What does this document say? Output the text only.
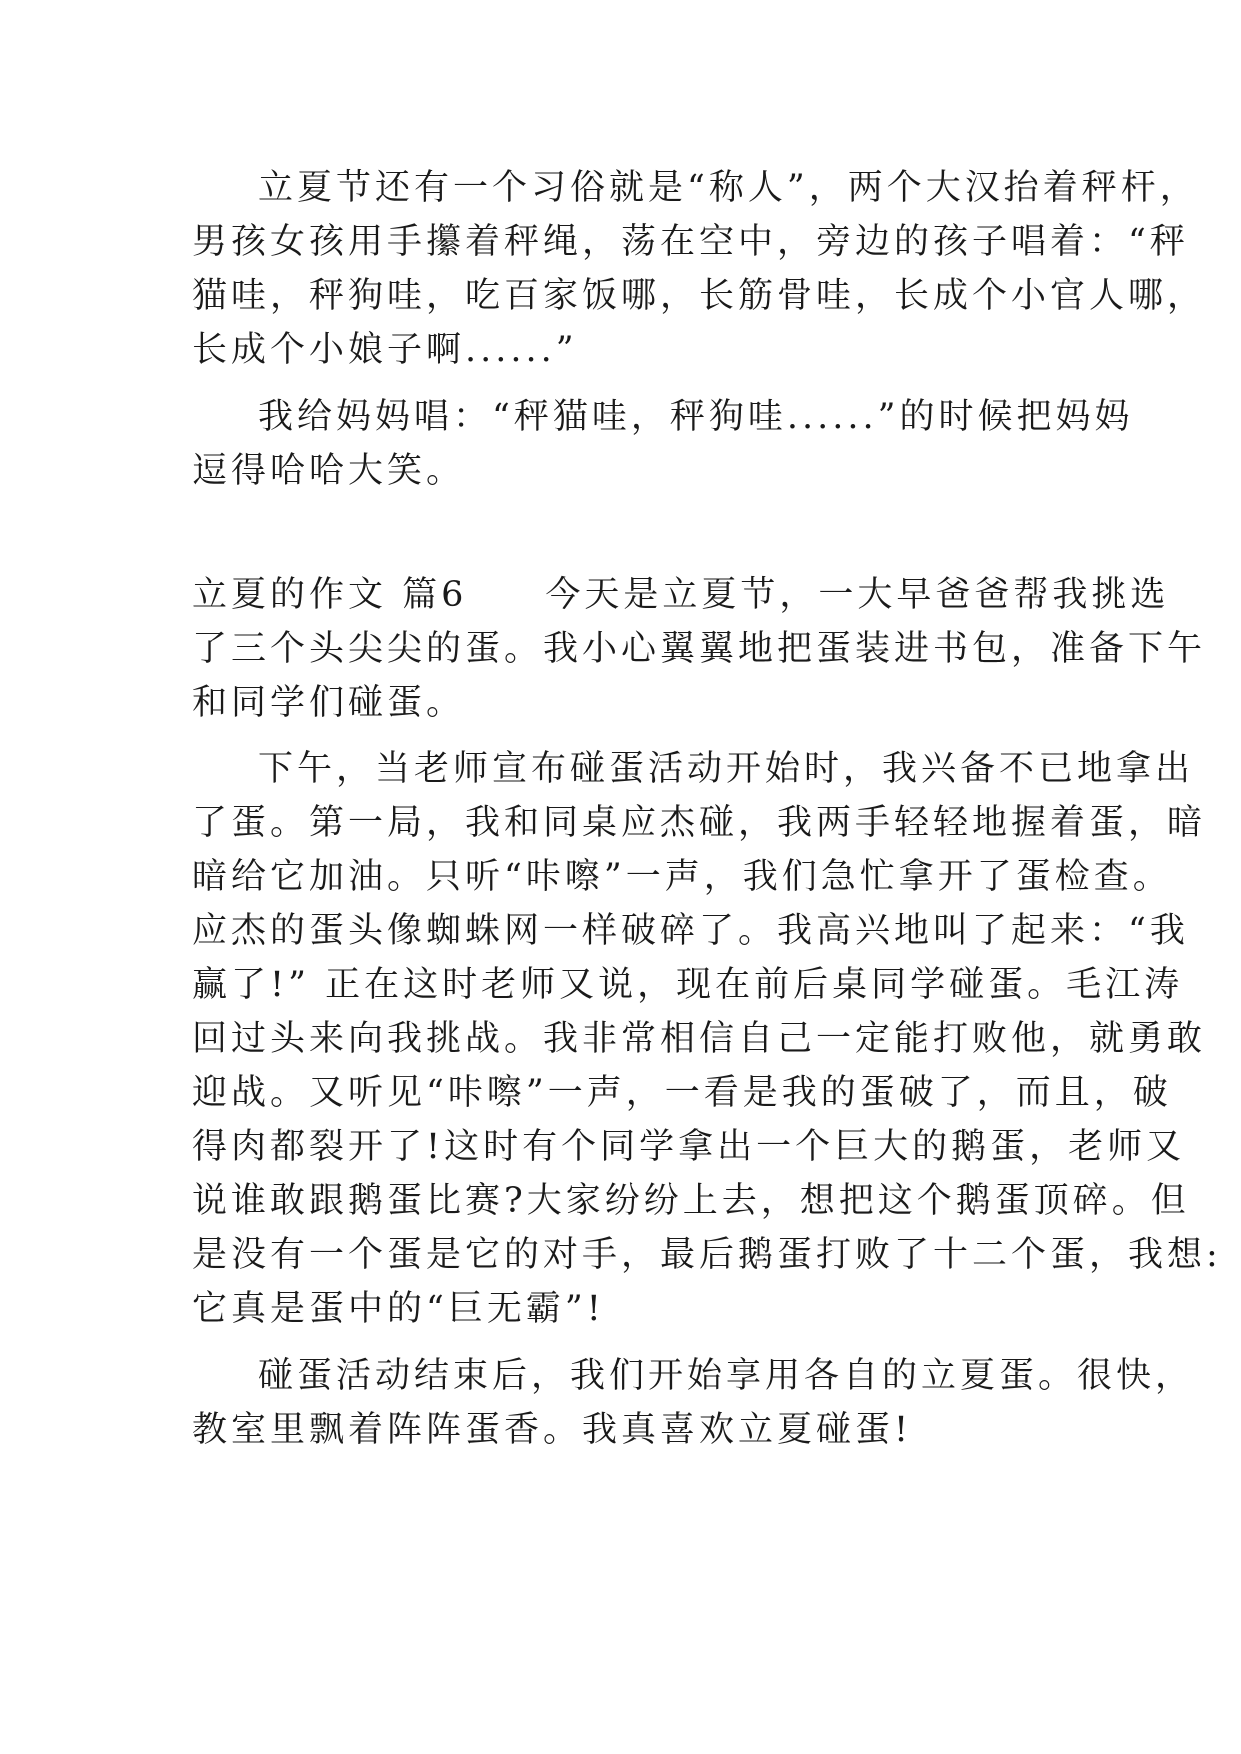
立夏节还有一个习俗就是“称人”，两个大汉抬着秤杆，
男孩女孩用手攥着秤绳，荡在空中，旁边的孩子唱着：“秤
猫哇，秤狗哇，吃百家饭哪，长筋骨哇，长成个小官人哪，
长成个小娘子啊......”
我给妈妈唱：“秤猫哇，秤狗哇......”的时候把妈妈
逗得哈哈大笑。
立夏的作文 篇6 今天是立夏节，一大早爸爸帮我挑选
了三个头尖尖的蛋。我小心翼翼地把蛋装进书包，准备下午
和同学们碰蛋。
下午，当老师宣布碰蛋活动开始时，我兴备不已地拿出
了蛋。第一局，我和同桌应杰碰，我两手轻轻地握着蛋，暗
暗给它加油。只听“咔嚓”一声，我们急忙拿开了蛋检查。
应杰的蛋头像蜘蛛网一样破碎了。我高兴地叫了起来：“我
赢了!” 正在这时老师又说，现在前后桌同学碰蛋。毛江涛
回过头来向我挑战。我非常相信自己一定能打败他，就勇敢
迎战。又听见“咔嚓”一声，一看是我的蛋破了，而且，破
得肉都裂开了!这时有个同学拿出一个巨大的鹅蛋，老师又
说谁敢跟鹅蛋比赛?大家纷纷上去，想把这个鹅蛋顶碎。但
是没有一个蛋是它的对手，最后鹅蛋打败了十二个蛋，我想:
它真是蛋中的“巨无霸”!
碰蛋活动结束后，我们开始享用各自的立夏蛋。很快，
教室里飘着阵阵蛋香。我真喜欢立夏碰蛋!
